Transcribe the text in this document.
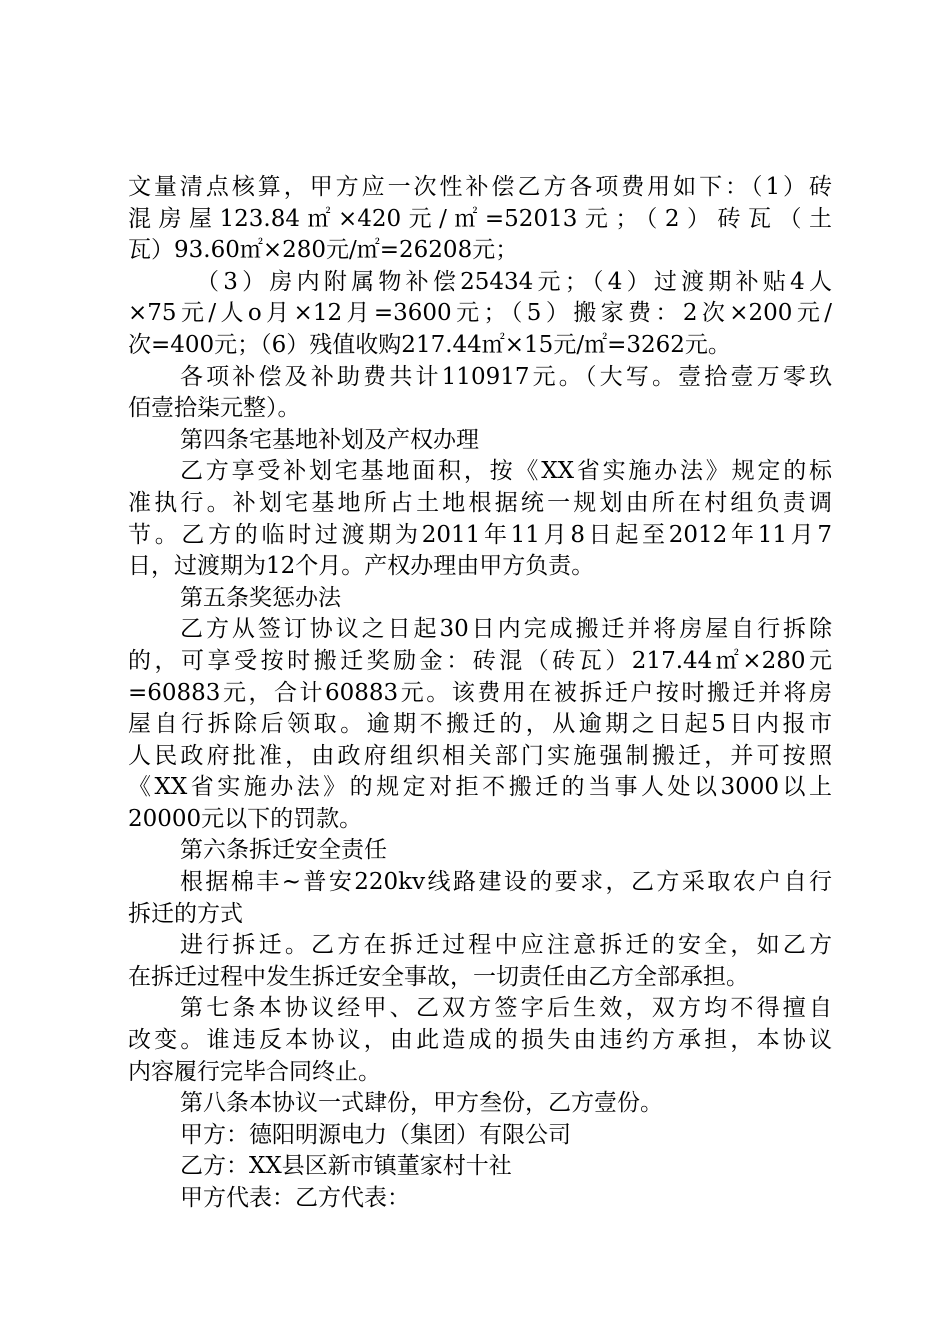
文量清点核算，甲方应一次性补偿乙方各项费用如下：（1）砖
混房屋123.84㎡×420元/㎡=52013元；（2）砖瓦（土
瓦）93.60㎡×280元/㎡=26208元；
（3）房内附属物补偿25434元；（4）过渡期补贴4人
×75元/人o月×12月=3600元；（5）搬家费：2次×200元/
次=400元；（6）残值收购217.44㎡×15元/㎡=3262元。
各项补偿及补助费共计110917元。（大写。壹拾壹万零玖
佰壹拾柒元整）。
第四条宅基地补划及产权办理
乙方享受补划宅基地面积，按《XX省实施办法》规定的标
准执行。补划宅基地所占土地根据统一规划由所在村组负责调
节。乙方的临时过渡期为2011年11月8日起至2012年11月7
日，过渡期为12个月。产权办理由甲方负责。
第五条奖惩办法
乙方从签订协议之日起30日内完成搬迁并将房屋自行拆除
的，可享受按时搬迁奖励金：砖混（砖瓦）217.44㎡×280元
=60883元，合计60883元。该费用在被拆迁户按时搬迁并将房
屋自行拆除后领取。逾期不搬迁的，从逾期之日起5日内报市
人民政府批准，由政府组织相关部门实施强制搬迁，并可按照
《XX省实施办法》的规定对拒不搬迁的当事人处以3000以上
20000元以下的罚款。
第六条拆迁安全责任
根据棉丰~普安220kv线路建设的要求，乙方采取农户自行
拆迁的方式
进行拆迁。乙方在拆迁过程中应注意拆迁的安全，如乙方
在拆迁过程中发生拆迁安全事故，一切责任由乙方全部承担。
第七条本协议经甲、乙双方签字后生效，双方均不得擅自
改变。谁违反本协议，由此造成的损失由违约方承担，本协议
内容履行完毕合同终止。
第八条本协议一式肆份，甲方叁份，乙方壹份。
甲方：德阳明源电力（集团）有限公司
乙方：XX县区新市镇董家村十社
甲方代表：乙方代表：
